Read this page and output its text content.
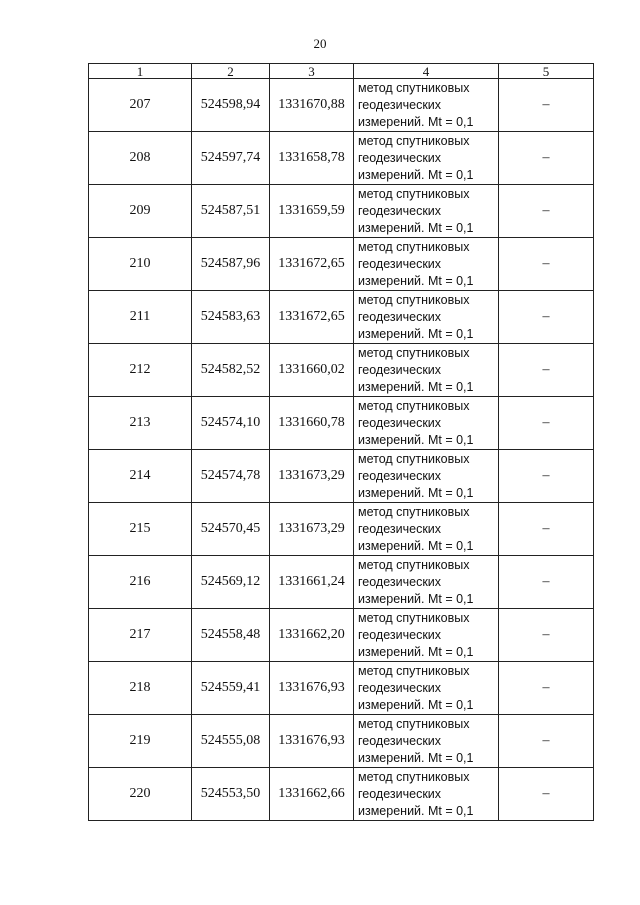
20
1	2	3	4	5
207	524598,94	1331670,88	метод спутниковых геодезических измерений. Mt = 0,1	–
208	524597,74	1331658,78	метод спутниковых геодезических измерений. Mt = 0,1	–
209	524587,51	1331659,59	метод спутниковых геодезических измерений. Mt = 0,1	–
210	524587,96	1331672,65	метод спутниковых геодезических измерений. Mt = 0,1	–
211	524583,63	1331672,65	метод спутниковых геодезических измерений. Mt = 0,1	–
212	524582,52	1331660,02	метод спутниковых геодезических измерений. Mt = 0,1	–
213	524574,10	1331660,78	метод спутниковых геодезических измерений. Mt = 0,1	–
214	524574,78	1331673,29	метод спутниковых геодезических измерений. Mt = 0,1	–
215	524570,45	1331673,29	метод спутниковых геодезических измерений. Mt = 0,1	–
216	524569,12	1331661,24	метод спутниковых геодезических измерений. Mt = 0,1	–
217	524558,48	1331662,20	метод спутниковых геодезических измерений. Mt = 0,1	–
218	524559,41	1331676,93	метод спутниковых геодезических измерений. Mt = 0,1	–
219	524555,08	1331676,93	метод спутниковых геодезических измерений. Mt = 0,1	–
220	524553,50	1331662,66	метод спутниковых геодезических измерений. Mt = 0,1	–
